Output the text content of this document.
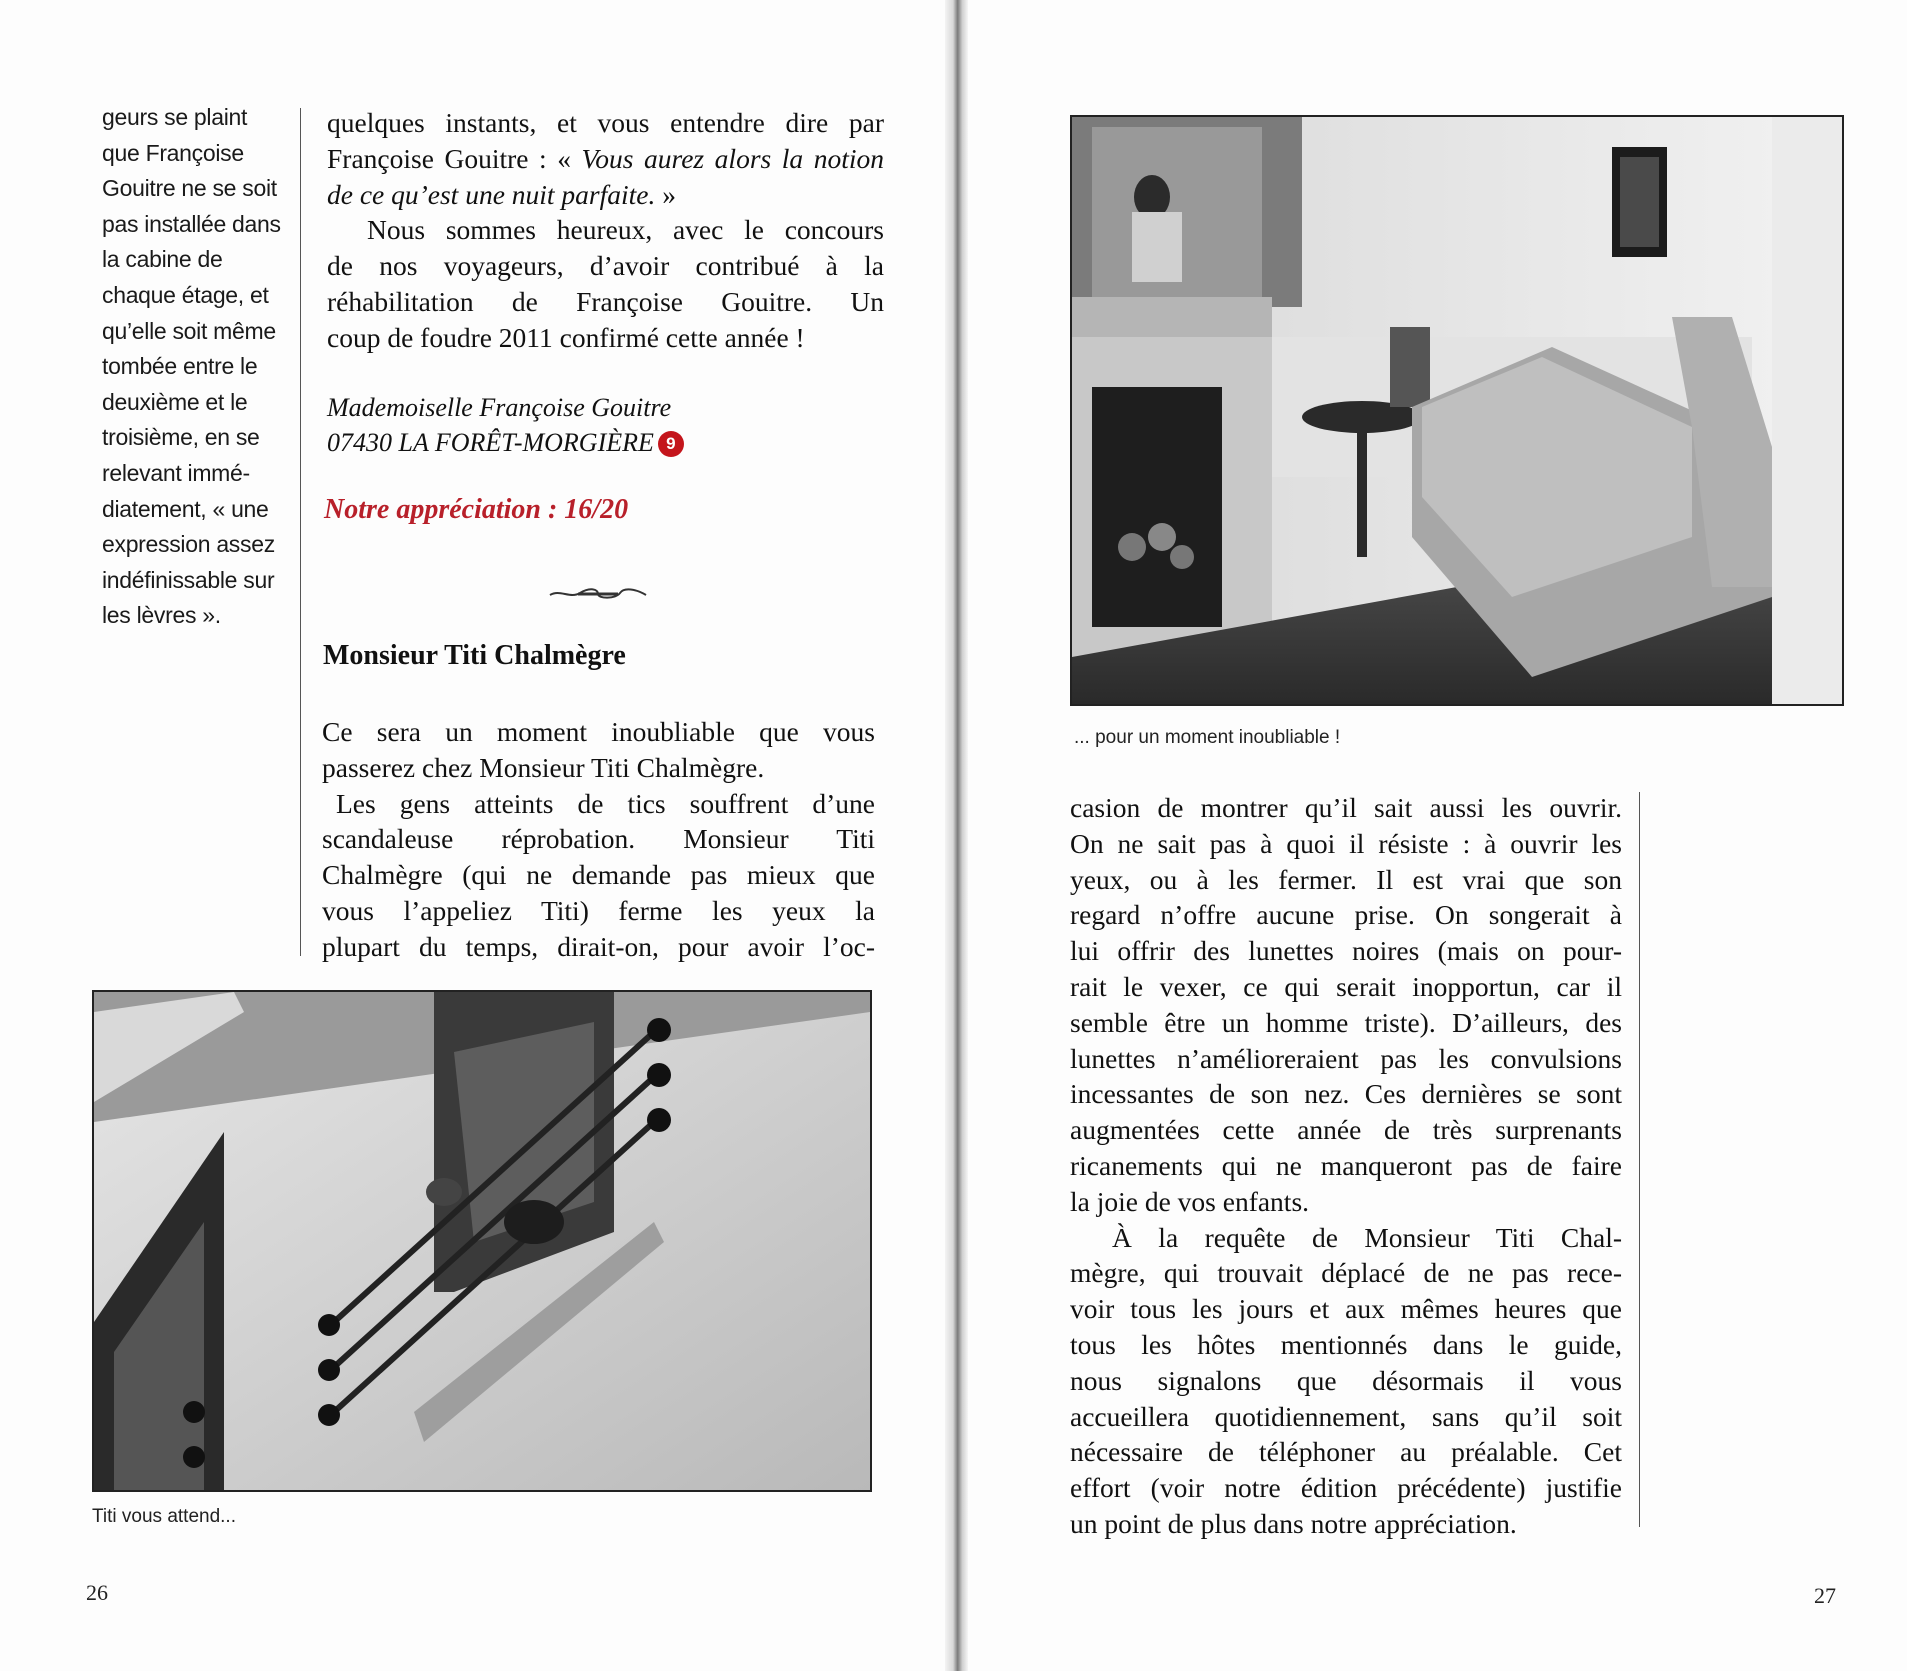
geurs se plaint
que Françoise
Gouitre ne se soit
pas installée dans
la cabine de
chaque étage, et
qu’elle soit même
tombée entre le
deuxième et le
troisième, en se
relevant immé-
diatement, « une
expression assez
indéfinissable sur
les lèvres ».
quelques instants, et vous entendre dire par
Françoise Gouitre : « Vous aurez alors la notion
de ce qu’est une nuit parfaite. »
Nous sommes heureux, avec le concours
de nos voyageurs, d’avoir contribué à la
réhabilitation de Françoise Gouitre. Un
coup de foudre 2011 confirmé cette année !
Mademoiselle Françoise Gouitre
07430 LA FORÊT-MORGIÈRE 9
Notre appréciation : 16/20
Monsieur Titi Chalmègre
Ce sera un moment inoubliable que vous
passerez chez Monsieur Titi Chalmègre.
Les gens atteints de tics souffrent d’une
scandaleuse réprobation. Monsieur Titi
Chalmègre (qui ne demande pas mieux que
vous l’appeliez Titi) ferme les yeux la
plupart du temps, dirait-on, pour avoir l’oc-
Titi vous attend...
26
... pour un moment inoubliable !
casion de montrer qu’il sait aussi les ouvrir.
On ne sait pas à quoi il résiste : à ouvrir les
yeux, ou à les fermer. Il est vrai que son
regard n’offre aucune prise. On songerait à
lui offrir des lunettes noires (mais on pour-
rait le vexer, ce qui serait inopportun, car il
semble être un homme triste). D’ailleurs, des
lunettes n’amélioreraient pas les convulsions
incessantes de son nez. Ces dernières se sont
augmentées cette année de très surprenants
ricanements qui ne manqueront pas de faire
la joie de vos enfants.
À la requête de Monsieur Titi Chal-
mègre, qui trouvait déplacé de ne pas rece-
voir tous les jours et aux mêmes heures que
tous les hôtes mentionnés dans le guide,
nous signalons que désormais il vous
accueillera quotidiennement, sans qu’il soit
nécessaire de téléphoner au préalable. Cet
effort (voir notre édition précédente) justifie
un point de plus dans notre appréciation.
27
